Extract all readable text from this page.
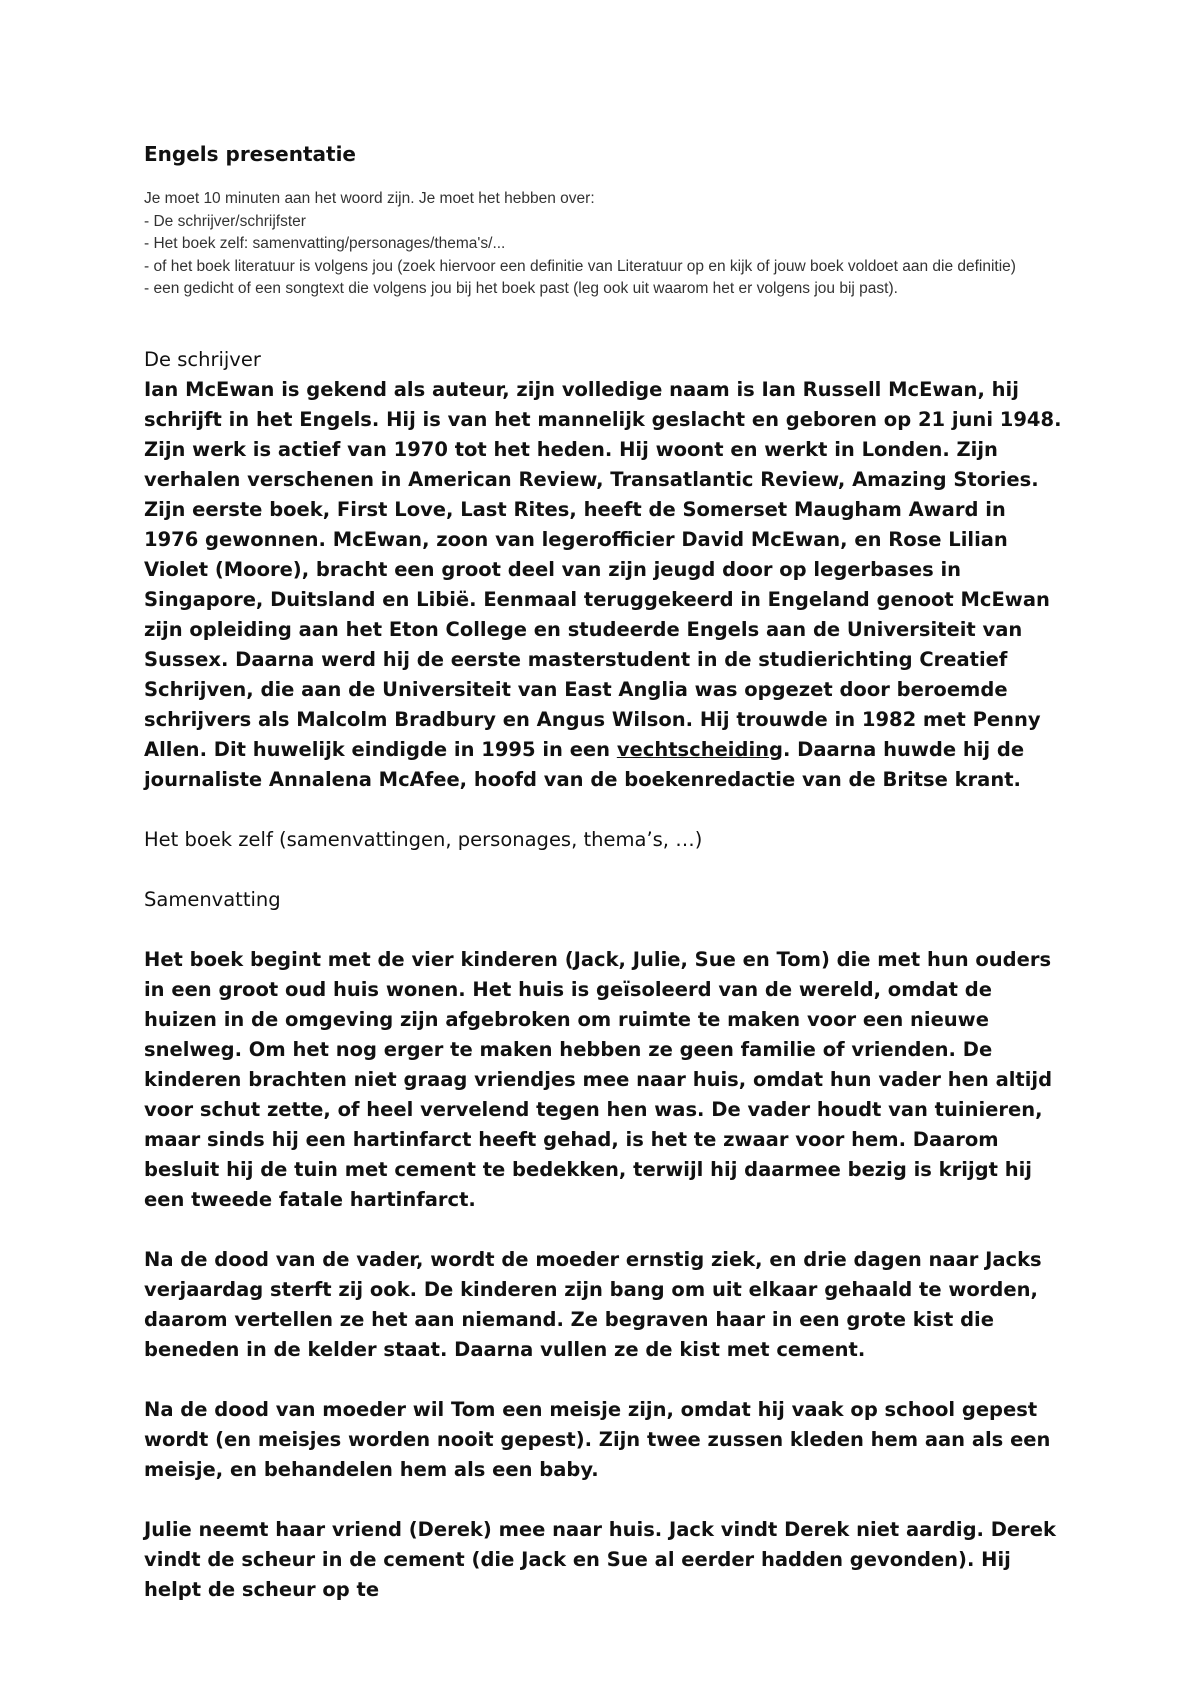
Engels presentatie
Je moet 10 minuten aan het woord zijn. Je moet het hebben over:
- De schrijver/schrijfster
- Het boek zelf: samenvatting/personages/thema's/...
- of het boek literatuur is volgens jou (zoek hiervoor een definitie van Literatuur op en kijk of jouw boek voldoet aan die definitie)
- een gedicht of een songtext die volgens jou bij het boek past (leg ook uit waarom het er volgens jou bij past).
De schrijver

Ian McEwan is gekend als auteur, zijn volledige naam is Ian Russell McEwan, hij schrijft in het Engels. Hij is van het mannelijk geslacht en geboren op 21 juni 1948. Zijn werk is actief van 1970 tot het heden. Hij woont en werkt in Londen. Zijn verhalen verschenen in American Review, Transatlantic Review, Amazing Stories. Zijn eerste boek, First Love, Last Rites, heeft de Somerset Maugham Award in 1976 gewonnen. McEwan, zoon van legerofficier David McEwan, en Rose Lilian Violet (Moore), bracht een groot deel van zijn jeugd door op legerbases in Singapore, Duitsland en Libië. Eenmaal teruggekeerd in Engeland genoot McEwan zijn opleiding aan het Eton College en studeerde Engels aan de Universiteit van Sussex. Daarna werd hij de eerste masterstudent in de studierichting Creatief Schrijven, die aan de Universiteit van East Anglia was opgezet door beroemde schrijvers als Malcolm Bradbury en Angus Wilson. Hij trouwde in 1982 met Penny Allen. Dit huwelijk eindigde in 1995 in een vechtscheiding. Daarna huwde hij de journaliste Annalena McAfee, hoofd van de boekenredactie van de Britse krant.

Het boek zelf (samenvattingen, personages, thema’s, …)
Samenvatting

Het boek begint met de vier kinderen (Jack, Julie, Sue en Tom) die met hun ouders in een groot oud huis wonen. Het huis is geïsoleerd van de wereld, omdat de huizen in de omgeving zijn afgebroken om ruimte te maken voor een nieuwe snelweg. Om het nog erger te maken hebben ze geen familie of vrienden. De kinderen brachten niet graag vriendjes mee naar huis, omdat hun vader hen altijd voor schut zette, of heel vervelend tegen hen was. De vader houdt van tuinieren, maar sinds hij een hartinfarct heeft gehad, is het te zwaar voor hem. Daarom besluit hij de tuin met cement te bedekken, terwijl hij daarmee bezig is krijgt hij een tweede fatale hartinfarct.

Na de dood van de vader, wordt de moeder ernstig ziek, en drie dagen naar Jacks verjaardag sterft zij ook. De kinderen zijn bang om uit elkaar gehaald te worden, daarom vertellen ze het aan niemand. Ze begraven haar in een grote kist die beneden in de kelder staat. Daarna vullen ze de kist met cement.

Na de dood van moeder wil Tom een meisje zijn, omdat hij vaak op school gepest wordt (en meisjes worden nooit gepest). Zijn twee zussen kleden hem aan als een meisje, en behandelen hem als een baby.

Julie neemt haar vriend (Derek) mee naar huis. Jack vindt Derek niet aardig. Derek vindt de scheur in de cement (die Jack en Sue al eerder hadden gevonden). Hij helpt de scheur op te
